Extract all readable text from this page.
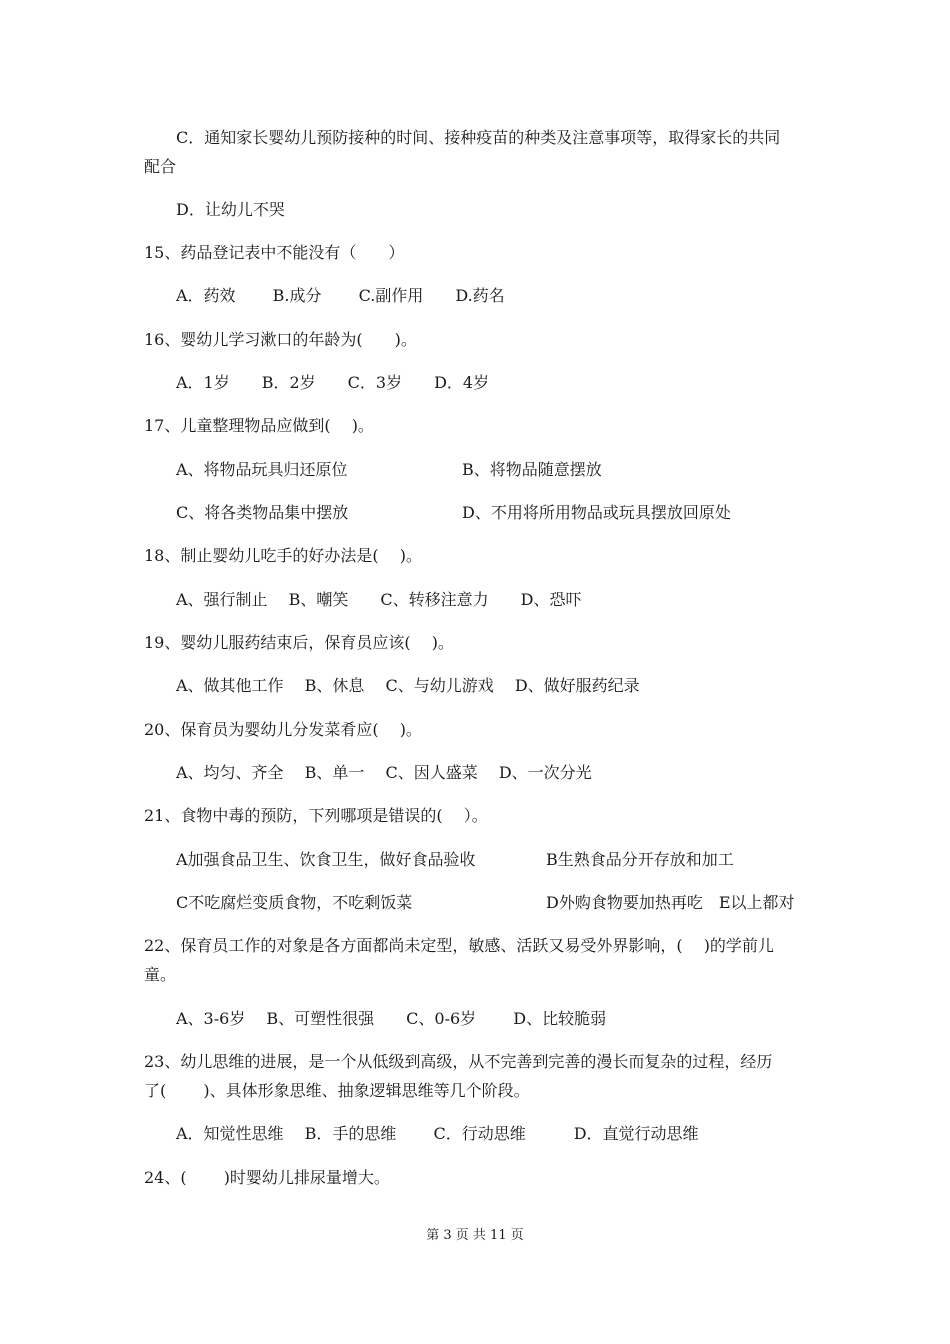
C．通知家长婴幼儿预防接种的时间、接种疫苗的种类及注意事项等，取得家长的共同
配合
D．让幼儿不哭
15、药品登记表中不能没有（　　）
A．药效　　 B.成分　　 C.副作用　　D.药名
16、婴幼儿学习漱口的年龄为(　　)。
A．1岁　　B．2岁　　C．3岁　　D．4岁
17、儿童整理物品应做到(　 )。
A、将物品玩具归还原位	B、将物品随意摆放
C、将各类物品集中摆放	D、不用将所用物品或玩具摆放回原处
18、制止婴幼儿吃手的好办法是(　 )。
A、强行制止　 B、嘲笑　　C、转移注意力　　D、恐吓
19、婴幼儿服药结束后，保育员应该(　 )。
A、做其他工作　 B、休息　 C、与幼儿游戏　 D、做好服药纪录
20、保育员为婴幼儿分发菜肴应(　 )。
A、均匀、齐全　 B、单一　 C、因人盛菜　 D、一次分光
21、食物中毒的预防，下列哪项是错误的(　 ）。
A加强食品卫生、饮食卫生，做好食品验收	B生熟食品分开存放和加工
C不吃腐烂变质食物，不吃剩饭菜	D外购食物要加热再吃　E以上都对
22、保育员工作的对象是各方面都尚未定型，敏感、活跃又易受外界影响，(　 )的学前儿
童。
A、3-6岁　 B、可塑性很强　　C、0-6岁　　 D、比较脆弱
23、幼儿思维的进展，是一个从低级到高级，从不完善到完善的漫长而复杂的过程，经历
了(　　 )、具体形象思维、抽象逻辑思维等几个阶段。
A．知觉性思维　 B．手的思维　　 C．行动思维　　　D．直觉行动思维
24、(　　 )时婴幼儿排尿量增大。
第 3 页 共 11 页
